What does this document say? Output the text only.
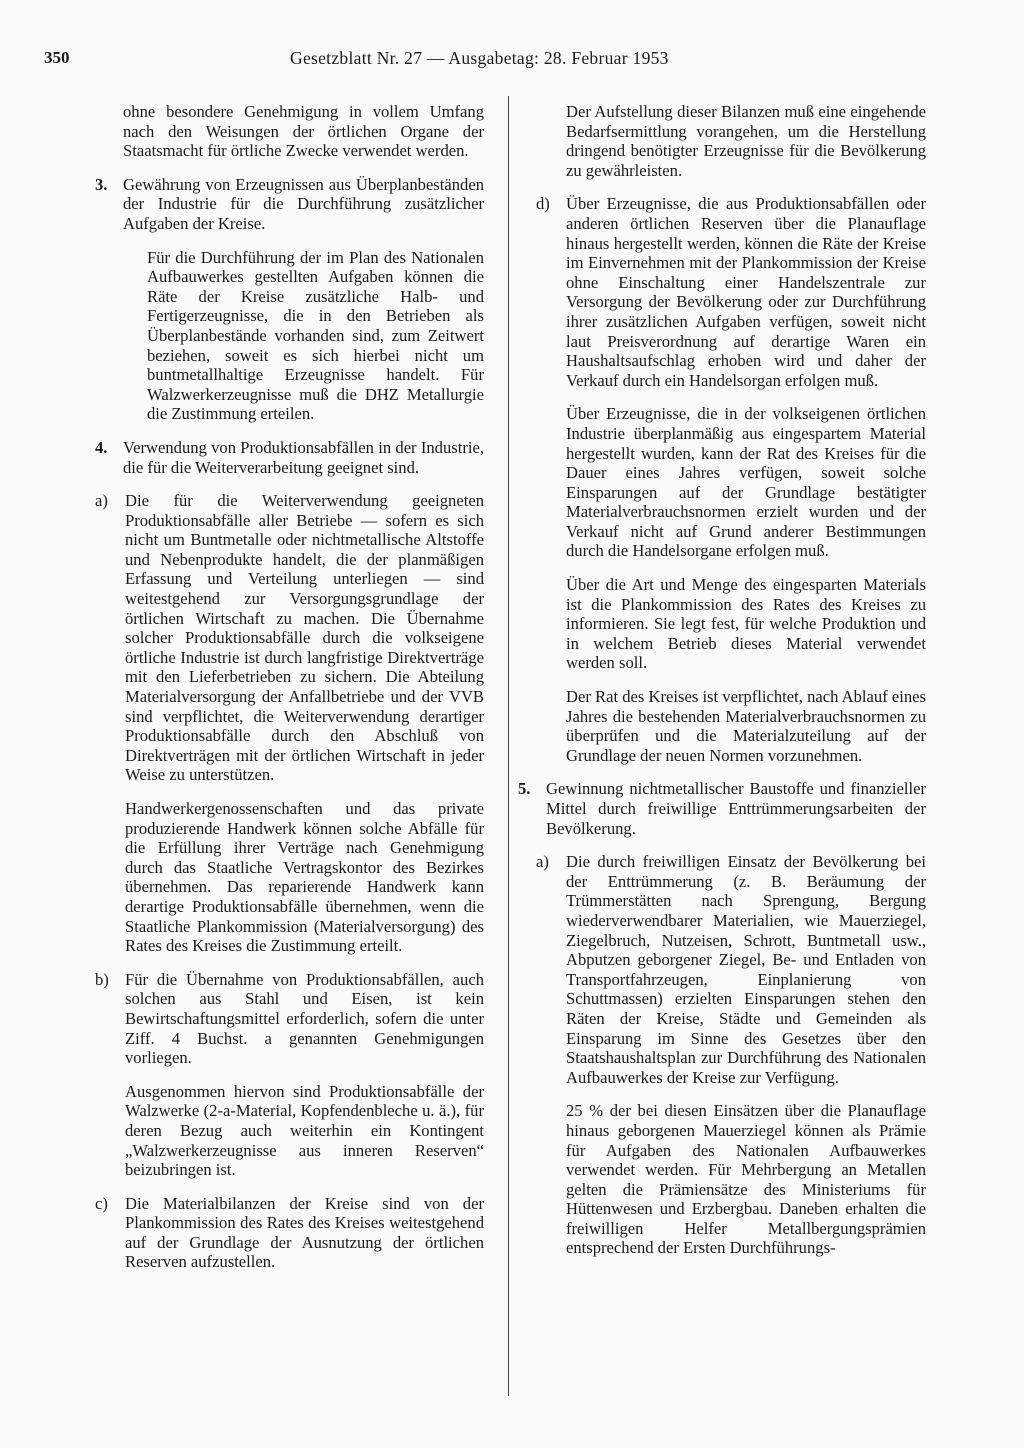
350	Gesetzblatt Nr. 27 — Ausgabetag: 28. Februar 1953

ohne besondere Genehmigung in vollem Umfang nach den Weisungen der örtlichen Organe der Staatsmacht für örtliche Zwecke verwendet werden.

3. Gewährung von Erzeugnissen aus Überplanbeständen der Industrie für die Durchführung zusätzlicher Aufgaben der Kreise.

Für die Durchführung der im Plan des Nationalen Aufbauwerkes gestellten Aufgaben können die Räte der Kreise zusätzliche Halb- und Fertigerzeugnisse, die in den Betrieben als Überplanbestände vorhanden sind, zum Zeitwert beziehen, soweit es sich hierbei nicht um buntmetallhaltige Erzeugnisse handelt. Für Walzwerkerzeugnisse muß die DHZ Metallurgie die Zustimmung erteilen.

4. Verwendung von Produktionsabfällen in der Industrie, die für die Weiterverarbeitung geeignet sind.

a) Die für die Weiterverwendung geeigneten Produktionsabfälle aller Betriebe — sofern es sich nicht um Buntmetalle oder nichtmetallische Altstoffe und Nebenprodukte handelt, die der planmäßigen Erfassung und Verteilung unterliegen — sind weitestgehend zur Versorgungsgrundlage der örtlichen Wirtschaft zu machen. Die Übernahme solcher Produktionsabfälle durch die volkseigene örtliche Industrie ist durch langfristige Direktverträge mit den Lieferbetrieben zu sichern. Die Abteilung Materialversorgung der Anfallbetriebe und der VVB sind verpflichtet, die Weiterverwendung derartiger Produktionsabfälle durch den Abschluß von Direktverträgen mit der örtlichen Wirtschaft in jeder Weise zu unterstützen.

Handwerkergenossenschaften und das private produzierende Handwerk können solche Abfälle für die Erfüllung ihrer Verträge nach Genehmigung durch das Staatliche Vertragskontor des Bezirkes übernehmen. Das reparierende Handwerk kann derartige Produktionsabfälle übernehmen, wenn die Staatliche Plankommission (Materialversorgung) des Rates des Kreises die Zustimmung erteilt.

b) Für die Übernahme von Produktionsabfällen, auch solchen aus Stahl und Eisen, ist kein Bewirtschaftungsmittel erforderlich, sofern die unter Ziff. 4 Buchst. a genannten Genehmigungen vorliegen.

Ausgenommen hiervon sind Produktionsabfälle der Walzwerke (2-a-Material, Kopfendenbleche u. ä.), für deren Bezug auch weiterhin ein Kontingent „Walzwerkerzeugnisse aus inneren Reserven“ beizubringen ist.

c) Die Materialbilanzen der Kreise sind von der Plankommission des Rates des Kreises weitestgehend auf der Grundlage der Ausnutzung der örtlichen Reserven aufzustellen.

Der Aufstellung dieser Bilanzen muß eine eingehende Bedarfsermittlung vorangehen, um die Herstellung dringend benötigter Erzeugnisse für die Bevölkerung zu gewährleisten.

d) Über Erzeugnisse, die aus Produktionsabfällen oder anderen örtlichen Reserven über die Planauflage hinaus hergestellt werden, können die Räte der Kreise im Einvernehmen mit der Plankommission der Kreise ohne Einschaltung einer Handelszentrale zur Versorgung der Bevölkerung oder zur Durchführung ihrer zusätzlichen Aufgaben verfügen, soweit nicht laut Preisverordnung auf derartige Waren ein Haushaltsaufschlag erhoben wird und daher der Verkauf durch ein Handelsorgan erfolgen muß.

Über Erzeugnisse, die in der volkseigenen örtlichen Industrie überplanmäßig aus eingespartem Material hergestellt wurden, kann der Rat des Kreises für die Dauer eines Jahres verfügen, soweit solche Einsparungen auf der Grundlage bestätigter Materialverbrauchsnormen erzielt wurden und der Verkauf nicht auf Grund anderer Bestimmungen durch die Handelsorgane erfolgen muß.

Über die Art und Menge des eingesparten Materials ist die Plankommission des Rates des Kreises zu informieren. Sie legt fest, für welche Produktion und in welchem Betrieb dieses Material verwendet werden soll.

Der Rat des Kreises ist verpflichtet, nach Ablauf eines Jahres die bestehenden Materialverbrauchsnormen zu überprüfen und die Materialzuteilung auf der Grundlage der neuen Normen vorzunehmen.

5. Gewinnung nichtmetallischer Baustoffe und finanzieller Mittel durch freiwillige Enttrümmerungsarbeiten der Bevölkerung.

a) Die durch freiwilligen Einsatz der Bevölkerung bei der Enttrümmerung (z. B. Beräumung der Trümmerstätten nach Sprengung, Bergung wiederverwendbarer Materialien, wie Mauerziegel, Ziegelbruch, Nutzeisen, Schrott, Buntmetall usw., Abputzen geborgener Ziegel, Be- und Entladen von Transportfahrzeugen, Einplanierung von Schuttmassen) erzielten Einsparungen stehen den Räten der Kreise, Städte und Gemeinden als Einsparung im Sinne des Gesetzes über den Staatshaushaltsplan zur Durchführung des Nationalen Aufbauwerkes der Kreise zur Verfügung.

25 % der bei diesen Einsätzen über die Planauflage hinaus geborgenen Mauerziegel können als Prämie für Aufgaben des Nationalen Aufbauwerkes verwendet werden. Für Mehrbergung an Metallen gelten die Prämiensätze des Ministeriums für Hüttenwesen und Erzbergbau. Daneben erhalten die freiwilligen Helfer Metallbergungsprämien entsprechend der Ersten Durchführungs-
